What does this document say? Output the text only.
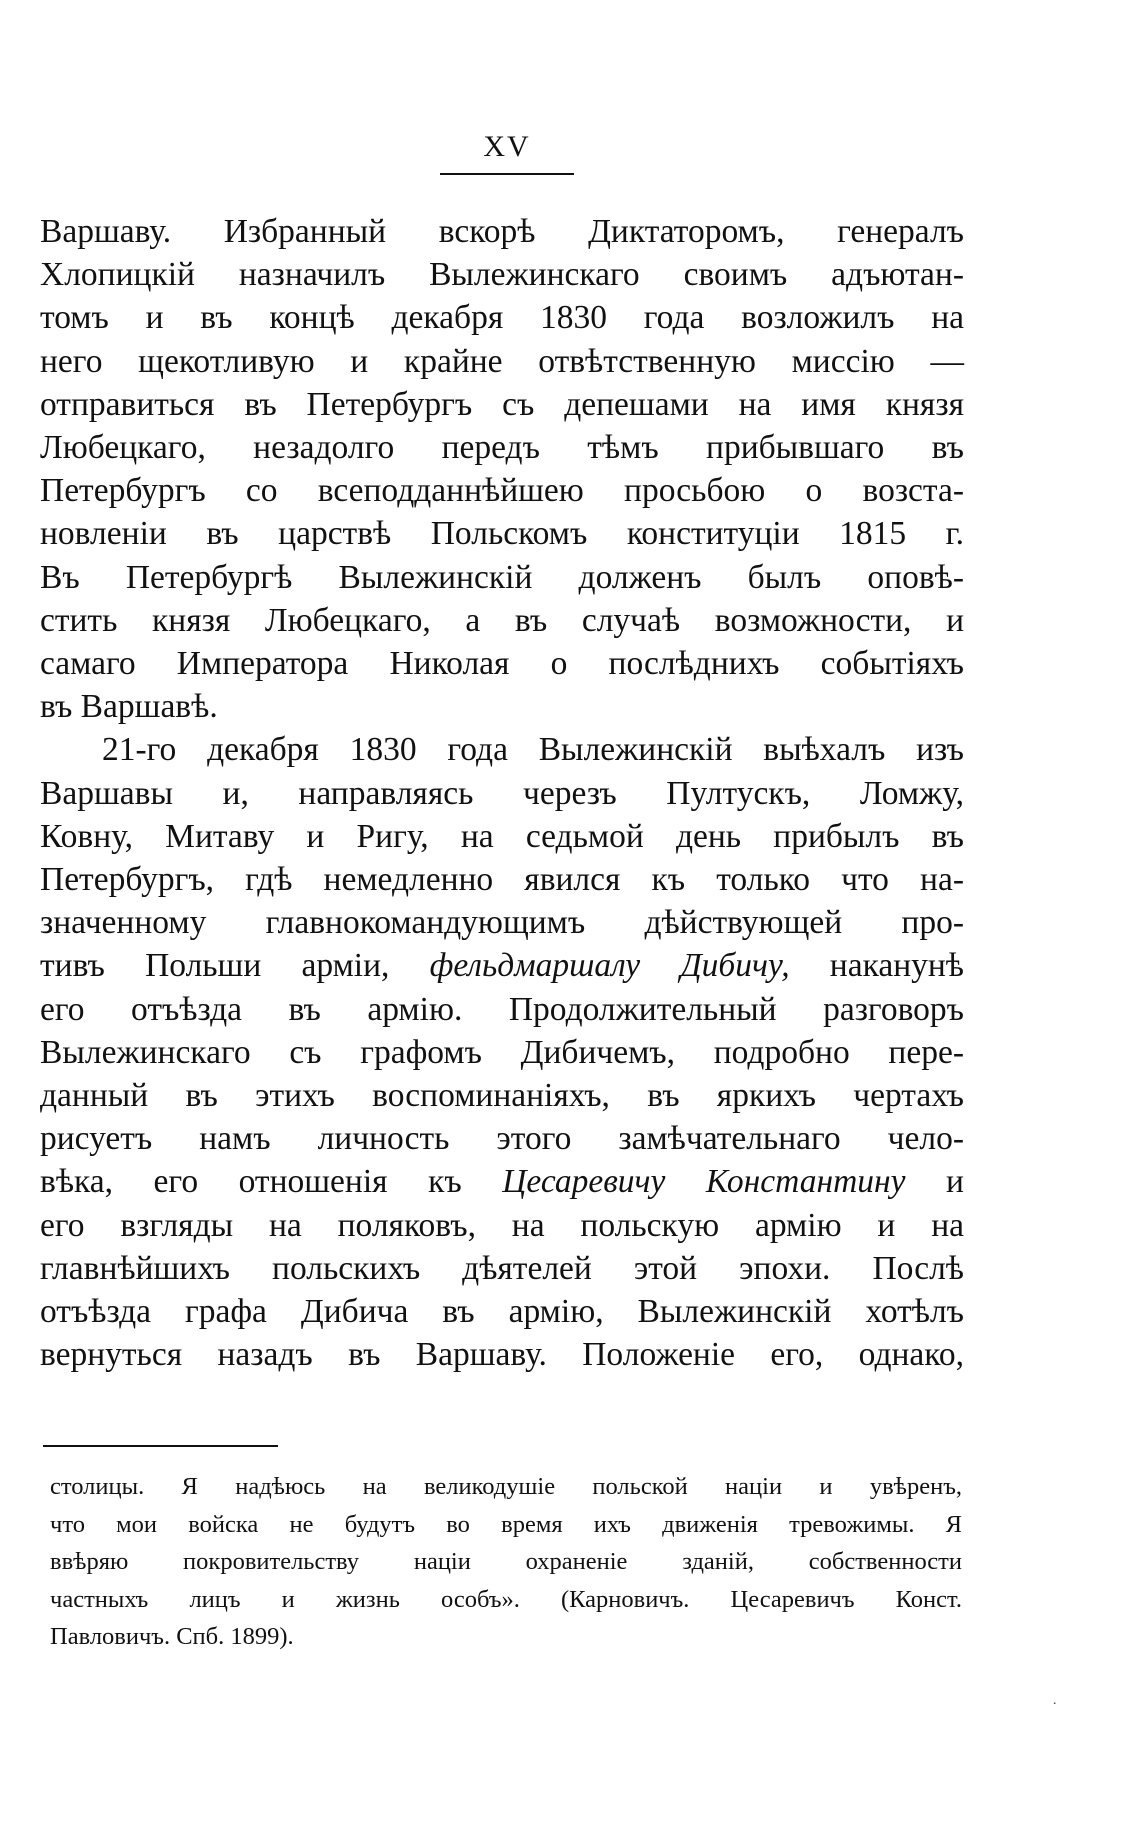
XV
Варшаву. Избранный вскорѣ Диктаторомъ, генералъ
Хлопицкій назначилъ Вылежинскаго своимъ адъютан-
томъ и въ концѣ декабря 1830 года возложилъ на
него щекотливую и крайне отвѣтственную миссію —
отправиться въ Петербургъ съ депешами на имя князя
Любецкаго, незадолго передъ тѣмъ прибывшаго въ
Петербургъ со всеподданнѣйшею просьбою о возста-
новленіи въ царствѣ Польскомъ конституціи 1815 г.
Въ Петербургѣ Вылежинскій долженъ былъ оповѣ-
стить князя Любецкаго, а въ случаѣ возможности, и
самаго Императора Николая о послѣднихъ событіяхъ
въ Варшавѣ.
21-го декабря 1830 года Вылежинскій выѣхалъ изъ
Варшавы и, направляясь черезъ Пултускъ, Ломжу,
Ковну, Митаву и Ригу, на седьмой день прибылъ въ
Петербургъ, гдѣ немедленно явился къ только что на-
значенному главнокомандующимъ дѣйствующей про-
тивъ Польши арміи, фельдмаршалу Дибичу, наканунѣ
его отъѣзда въ армію. Продолжительный разговоръ
Вылежинскаго съ графомъ Дибичемъ, подробно пере-
данный въ этихъ воспоминаніяхъ, въ яркихъ чертахъ
рисуетъ намъ личность этого замѣчательнаго чело-
вѣка, его отношенія къ Цесаревичу Константину и
его взгляды на поляковъ, на польскую армію и на
главнѣйшихъ польскихъ дѣятелей этой эпохи. Послѣ
отъѣзда графа Дибича въ армію, Вылежинскій хотѣлъ
вернуться назадъ въ Варшаву. Положеніе его, однако,
столицы. Я надѣюсь на великодушіе польской націи и увѣренъ,
что мои войска не будутъ во время ихъ движенія тревожимы. Я
ввѣряю покровительству націи охраненіе зданій, собственности
частныхъ лицъ и жизнь особъ». (Карновичъ. Цесаревичъ Конст.
Павловичъ. Спб. 1899).
˙
